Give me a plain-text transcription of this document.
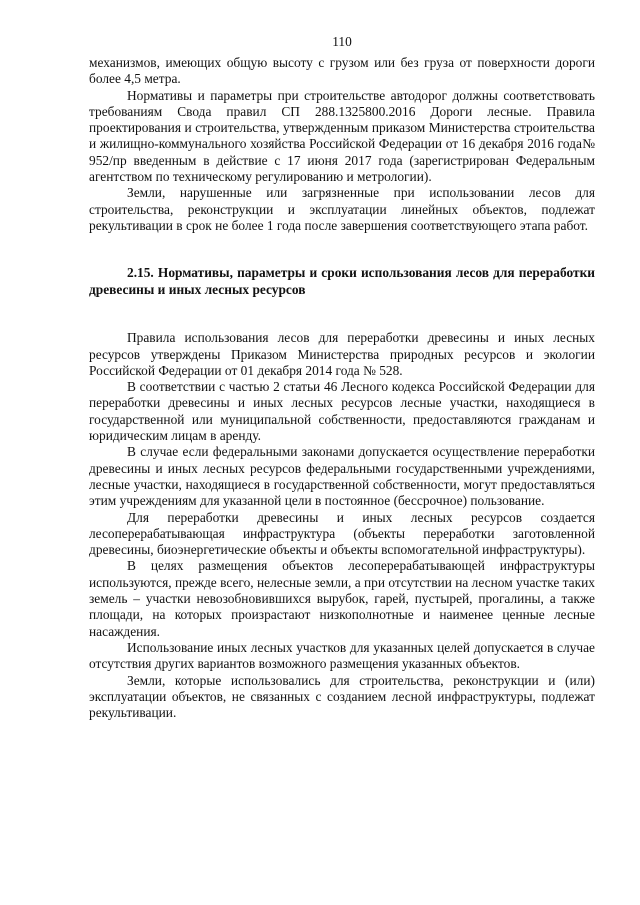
110

механизмов, имеющих общую высоту с грузом или без груза от поверхности дороги более 4,5 метра.

Нормативы и параметры при строительстве автодорог должны соответствовать требованиям Свода правил СП 288.1325800.2016 Дороги лесные. Правила проектирования и строительства, утвержденным приказом Министерства строительства и жилищно-коммунального хозяйства Российской Федерации от 16 декабря 2016 года№ 952/пр введенным в действие с 17 июня 2017 года (зарегистрирован Федеральным агентством по техническому регулированию и метрологии).

Земли, нарушенные или загрязненные при использовании лесов для строительства, реконструкции и эксплуатации линейных объектов, подлежат рекультивации в срок не более 1 года после завершения соответствующего этапа работ.

2.15. Нормативы, параметры и сроки использования лесов для переработки древесины и иных лесных ресурсов

Правила использования лесов для переработки древесины и иных лесных ресурсов утверждены Приказом Министерства природных ресурсов и экологии Российской Федерации от 01 декабря 2014 года № 528.

В соответствии с частью 2 статьи 46 Лесного кодекса Российской Федерации для переработки древесины и иных лесных ресурсов лесные участки, находящиеся в государственной или муниципальной собственности, предоставляются гражданам и юридическим лицам в аренду.

В случае если федеральными законами допускается осуществление переработки древесины и иных лесных ресурсов федеральными государственными учреждениями, лесные участки, находящиеся в государственной собственности, могут предоставляться этим учреждениям для указанной цели в постоянное (бессрочное) пользование.

Для переработки древесины и иных лесных ресурсов создается лесоперерабатывающая инфраструктура (объекты переработки заготовленной древесины, биоэнергетические объекты и объекты вспомогательной инфраструктуры).

В целях размещения объектов лесоперерабатывающей инфраструктуры используются, прежде всего, нелесные земли, а при отсутствии на лесном участке таких земель – участки невозобновившихся вырубок, гарей, пустырей, прогалины, а также площади, на которых произрастают низкополнотные и наименее ценные лесные насаждения.

Использование иных лесных участков для указанных целей допускается в случае отсутствия других вариантов возможного размещения указанных объектов.

Земли, которые использовались для строительства, реконструкции и (или) эксплуатации объектов, не связанных с созданием лесной инфраструктуры, подлежат рекультивации.
